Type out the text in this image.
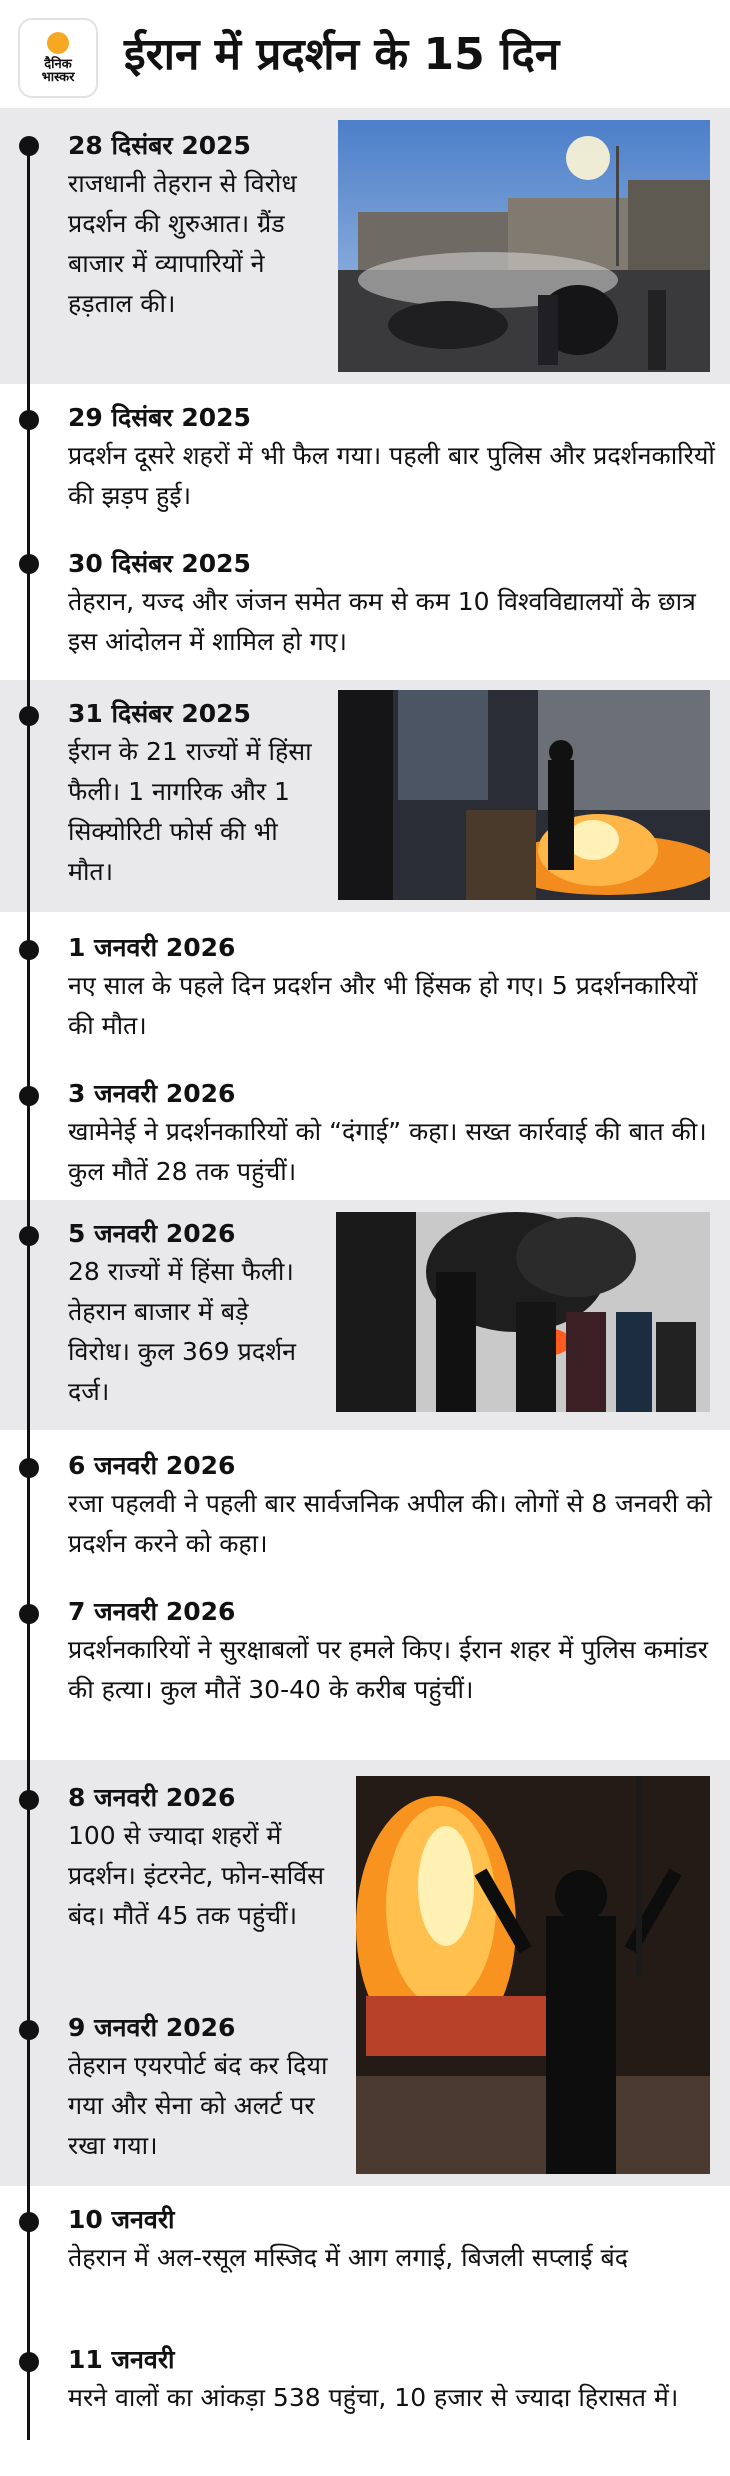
दैनिक
भास्कर ईरान में प्रदर्शन के 15 दिन
28 दिसंबर 2025
राजधानी तेहरान से विरोध प्रदर्शन की शुरुआत। ग्रैंड बाजार में व्यापारियों ने हड़ताल की।
29 दिसंबर 2025
प्रदर्शन दूसरे शहरों में भी फैल गया। पहली बार पुलिस और प्रदर्शनकारियों की झड़प हुई।
30 दिसंबर 2025
तेहरान, यज्द और जंजन समेत कम से कम 10 विश्वविद्यालयों के छात्र इस आंदोलन में शामिल हो गए।
31 दिसंबर 2025
ईरान के 21 राज्यों में हिंसा फैली। 1 नागरिक और 1 सिक्योरिटी फोर्स की भी मौत।
1 जनवरी 2026
नए साल के पहले दिन प्रदर्शन और भी हिंसक हो गए। 5 प्रदर्शनकारियों की मौत।
3 जनवरी 2026
खामेनेई ने प्रदर्शनकारियों को “दंगाई” कहा। सख्त कार्रवाई की बात की। कुल मौतें 28 तक पहुंचीं।
5 जनवरी 2026
28 राज्यों में हिंसा फैली। तेहरान बाजार में बड़े विरोध। कुल 369 प्रदर्शन दर्ज।
6 जनवरी 2026
रजा पहलवी ने पहली बार सार्वजनिक अपील की। लोगों से 8 जनवरी को प्रदर्शन करने को कहा।
7 जनवरी 2026
प्रदर्शनकारियों ने सुरक्षाबलों पर हमले किए। ईरान शहर में पुलिस कमांडर की हत्या। कुल मौतें 30-40 के करीब पहुंचीं।
8 जनवरी 2026
100 से ज्यादा शहरों में प्रदर्शन। इंटरनेट, फोन-सर्विस बंद। मौतें 45 तक पहुंचीं।
9 जनवरी 2026
तेहरान एयरपोर्ट बंद कर दिया गया और सेना को अलर्ट पर रखा गया।
10 जनवरी
तेहरान में अल-रसूल मस्जिद में आग लगाई, बिजली सप्लाई बंद
11 जनवरी
मरने वालों का आंकड़ा 538 पहुंचा, 10 हजार से ज्यादा हिरासत में।
